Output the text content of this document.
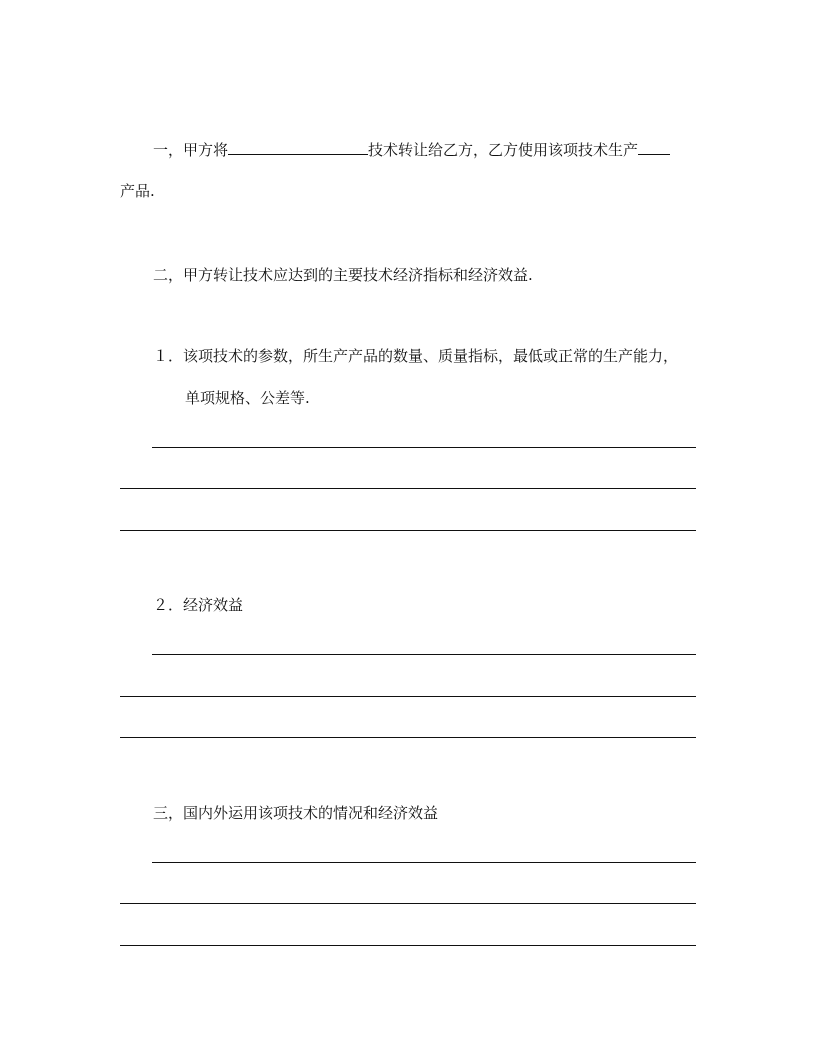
一，甲方将	技术转让给乙方，乙方使用该项技术生产
产品.
二，甲方转让技术应达到的主要技术经济指标和经济效益.
１．该项技术的参数，所生产产品的数量、质量指标，最低或正常的生产能力，
单项规格、公差等.
２．经济效益
三，国内外运用该项技术的情况和经济效益
